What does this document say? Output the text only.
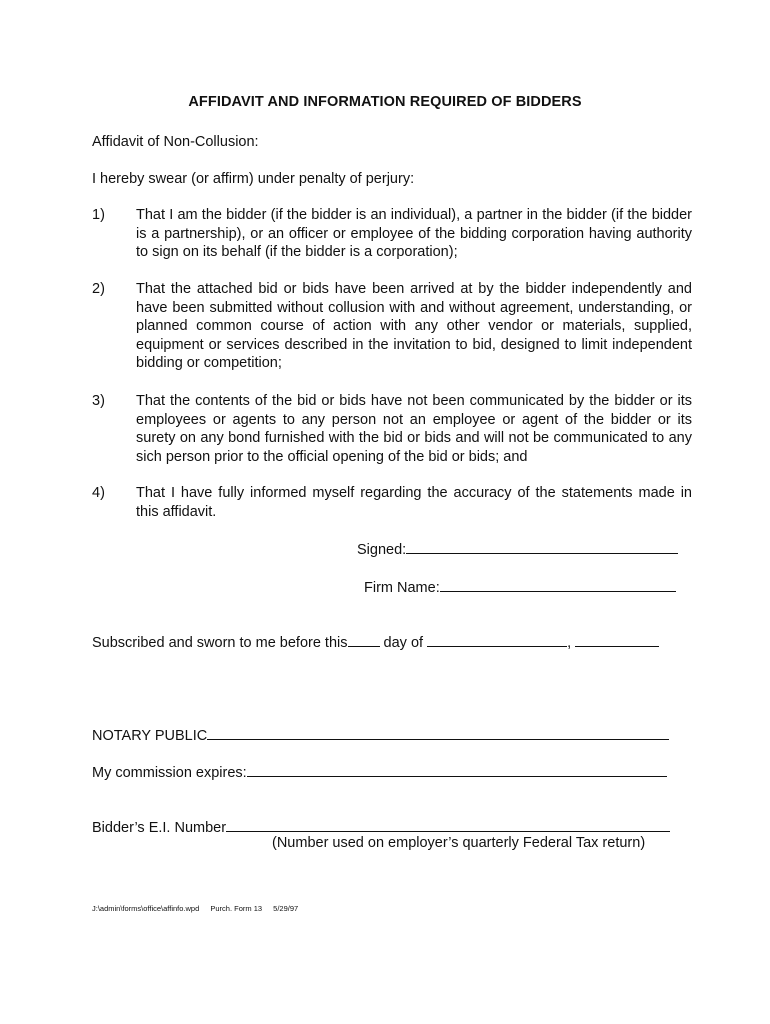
AFFIDAVIT AND INFORMATION REQUIRED OF BIDDERS
Affidavit of Non-Collusion:
I hereby swear (or affirm) under penalty of perjury:
1)	That I am the bidder (if the bidder is an individual), a partner in the bidder (if the bidder is a partnership), or an officer or employee of the bidding corporation having authority to sign on its behalf (if the bidder is a corporation);
2)	That the attached bid or bids have been arrived at by the bidder independently and have been submitted without collusion with and without agreement, understanding, or planned common course of action with any other vendor or materials, supplied, equipment or services described in the invitation to bid, designed to limit independent bidding or competition;
3)	That the contents of the bid or bids have not been communicated by the bidder or its employees or agents to any person not an employee or agent of the bidder or its surety on any bond furnished with the bid or bids and will not be communicated to any sich person prior to the official opening of the bid or bids; and
4)	That I have fully informed myself regarding the accuracy of the statements made in this affidavit.
Signed:
Firm Name:
Subscribed and sworn to me before this day of	,
NOTARY PUBLIC
My commission expires:
Bidder’s E.I. Number
(Number used on employer’s quarterly Federal Tax return)
J:\admin\forms\office\affinfo.wpd Purch. Form 13 5/29/97
